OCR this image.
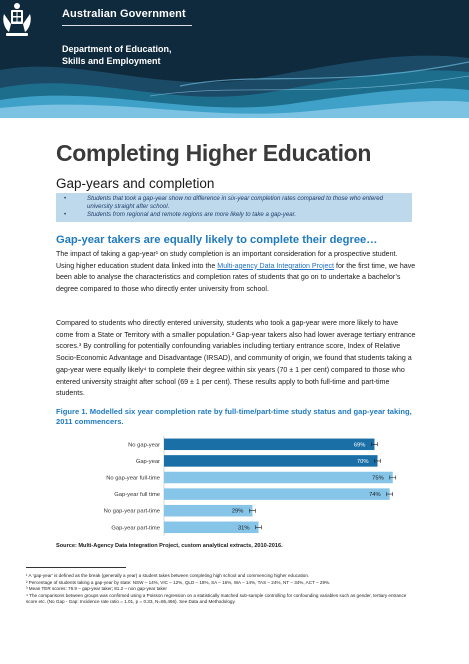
Australian Government
Department of Education,
Skills and Employment
Completing Higher Education
Gap-years and completion
•	Students that took a gap-year show no difference in six-year completion rates compared to those who entered university straight after school.
•	Students from regional and remote regions are more likely to take a gap-year.
Gap-year takers are equally likely to complete their degree…
The impact of taking a gap-year¹ on study completion is an important consideration for a prospective student. Using higher education student data linked into the Multi-agency Data Integration Project for the first time, we have been able to analyse the characteristics and completion rates of students that go on to undertake a bachelor’s degree compared to those who directly enter university from school.
Compared to students who directly entered university, students who took a gap-year were more likely to have come from a State or Territory with a smaller population.² Gap-year takers also had lower average tertiary entrance scores.³ By controlling for potentially confounding variables including tertiary entrance score, Index of Relative Socio-Economic Advantage and Disadvantage (IRSAD), and community of origin, we found that students taking a gap-year were equally likely⁴ to complete their degree within six years (70 ± 1 per cent) compared to those who entered university straight after school (69 ± 1 per cent). These results apply to both full-time and part-time students.
Figure 1. Modelled six year completion rate by full-time/part-time study status and gap-year taking, 2011 commencers.
No gap-year	69%
Gap-year	70%
No gap-year full-time	75%
Gap-year full time	74%
No gap-year part-time	29%
Gap-year part-time	31%
Source: Multi-Agency Data Integration Project, custom analytical extracts, 2010-2016.
¹ A ‘gap-year’ is defined as the break (generally a year) a student takes between completing high school and commencing higher education.
² Percentage of students taking a gap-year by state: NSW – 14%, VIC – 12%, QLD – 18%, SA – 16%, WA – 14%, TAS – 24%, NT – 34%, ACT – 29%.
³ Mean TER scores: 76.9 – gap-year taker; 81.2 – non gap-year taker
⁴ The comparisons between groups was confirmed using a Poisson regression on a statistically matched sub-sample controlling for confounding variables such as gender, tertiary entrance score etc. (No Gap - Gap: Incidence rate ratio = 1.01, p = 0.33, N=86,466). See Data and Methodology.
